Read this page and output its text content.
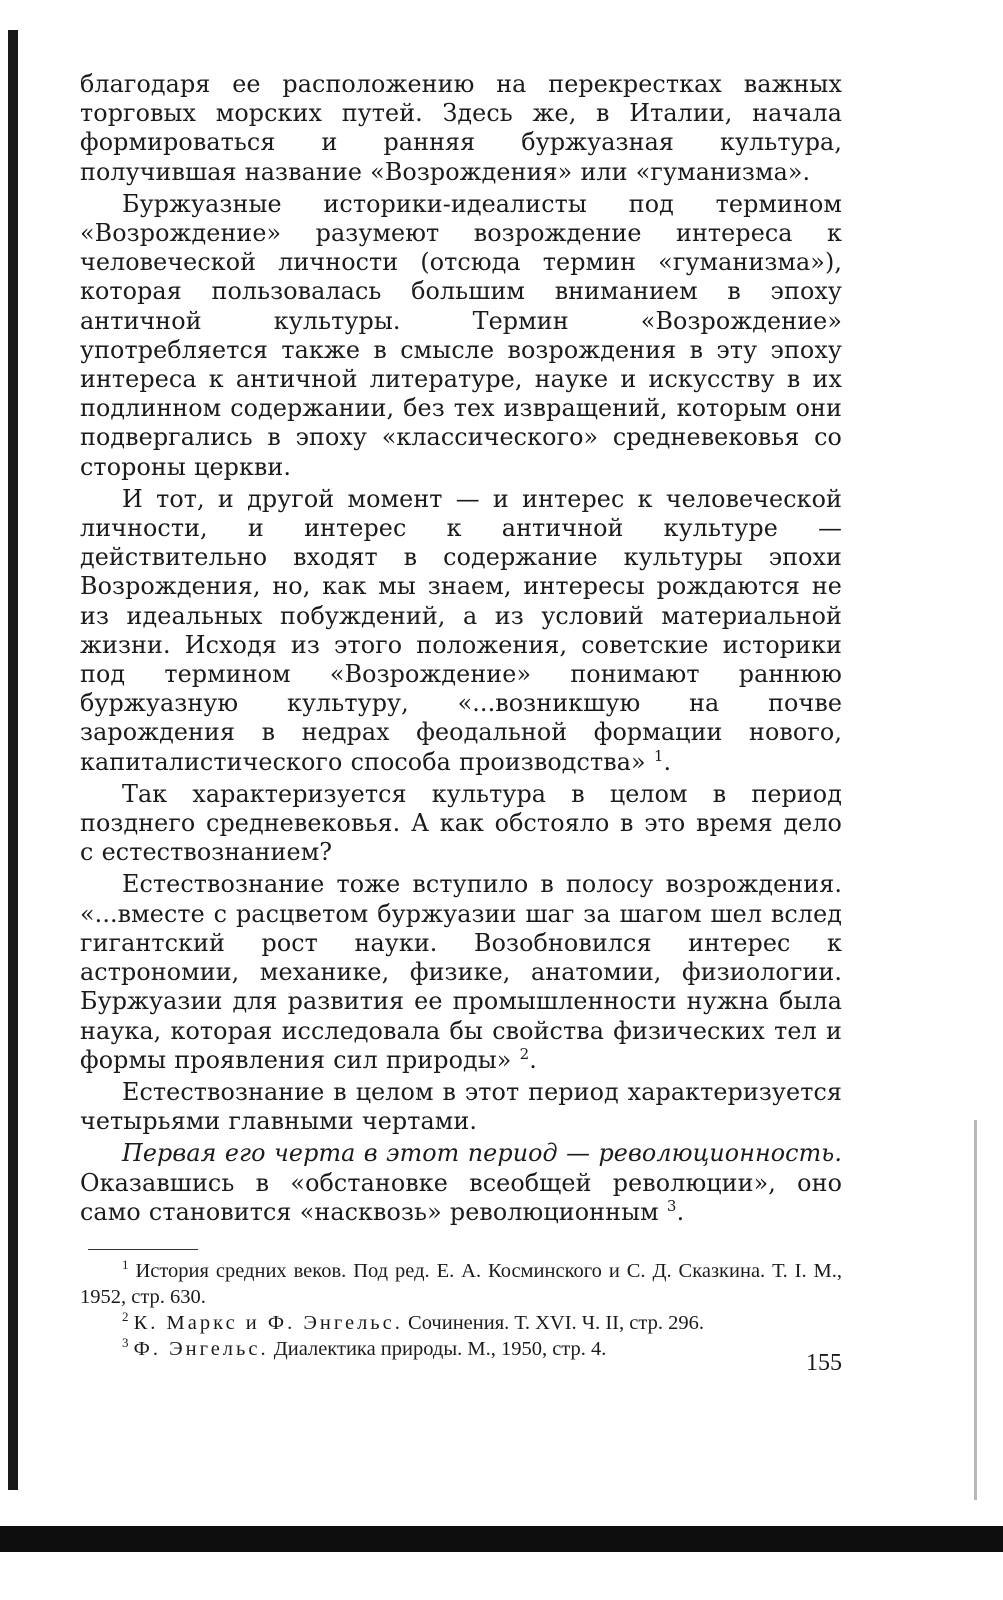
благодаря ее расположению на перекрестках важных торговых морских путей. Здесь же, в Италии, начала формироваться и ранняя буржуазная культура, получившая название «Возрождения» или «гуманизма».

Буржуазные историки-идеалисты под термином «Возрождение» разумеют возрождение интереса к человеческой личности (отсюда термин «гуманизма»), которая пользовалась большим вниманием в эпоху античной культуры. Термин «Возрождение» употребляется также в смысле возрождения в эту эпоху интереса к античной литературе, науке и искусству в их подлинном содержании, без тех извращений, которым они подвергались в эпоху «классического» средневековья со стороны церкви.

И тот, и другой момент — и интерес к человеческой личности, и интерес к античной культуре — действительно входят в содержание культуры эпохи Возрождения, но, как мы знаем, интересы рождаются не из идеальных побуждений, а из условий материальной жизни. Исходя из этого положения, советские историки под термином «Возрождение» понимают раннюю буржуазную культуру, «...возникшую на почве зарождения в недрах феодальной формации нового, капиталистического способа производства» $^1$.

Так характеризуется культура в целом в период позднего средневековья. А как обстояло в это время дело с естествознанием?

Естествознание тоже вступило в полосу возрождения. «...вместе с расцветом буржуазии шаг за шагом шел вслед гигантский рост науки. Возобновился интерес к астрономии, механике, физике, анатомии, физиологии. Буржуазии для развития ее промышленности нужна была наука, которая исследовала бы свойства физических тел и формы проявления сил природы» $^2$.

Естествознание в целом в этот период характеризуется четырьями главными чертами.

Первая его черта в этот период — революционность. Оказавшись в «обстановке всеобщей революции», оно само становится «насквозь» революционным $^3$.

$^1$ История средних веков. Под ред. Е. А. Косминского и С. Д. Сказкина. Т. I. М., 1952, стр. 630.

$^2$ К. Маркс и Ф. Энгельс. Сочинения. Т. XVI. Ч. II, стр. 296.

$^3$ Ф. Энгельс. Диалектика природы. М., 1950, стр. 4.

155
